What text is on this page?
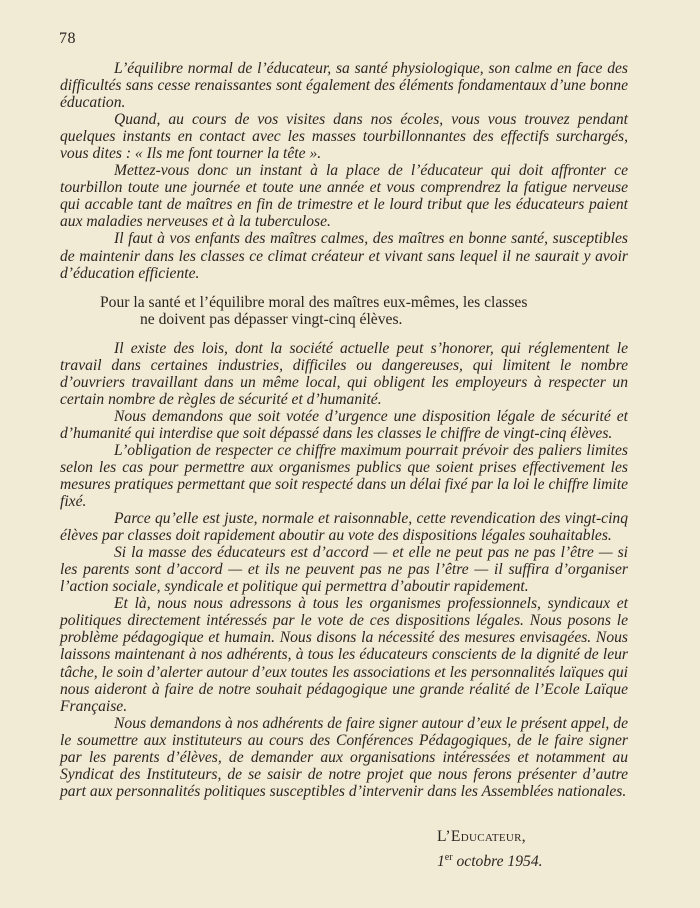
78

L’équilibre normal de l’éducateur, sa santé physiologique, son calme en face des difficultés sans cesse renaissantes sont également des éléments fondamentaux d’une bonne éducation.

Quand, au cours de vos visites dans nos écoles, vous vous trouvez pendant quelques instants en contact avec les masses tourbillonnantes des effectifs surchargés, vous dites : « Ils me font tourner la tête ».

Mettez-vous donc un instant à la place de l’éducateur qui doit affronter ce tourbillon toute une journée et toute une année et vous comprendrez la fatigue nerveuse qui accable tant de maîtres en fin de trimestre et le lourd tribut que les éducateurs paient aux maladies nerveuses et à la tuberculose.

Il faut à vos enfants des maîtres calmes, des maîtres en bonne santé, susceptibles de maintenir dans les classes ce climat créateur et vivant sans lequel il ne saurait y avoir d’éducation efficiente.

Pour la santé et l’équilibre moral des maîtres eux-mêmes, les classes
ne doivent pas dépasser vingt-cinq élèves.

Il existe des lois, dont la société actuelle peut s’honorer, qui réglementent le travail dans certaines industries, difficiles ou dangereuses, qui limitent le nombre d’ouvriers travaillant dans un même local, qui obligent les employeurs à respecter un certain nombre de règles de sécurité et d’humanité.

Nous demandons que soit votée d’urgence une disposition légale de sécurité et d’humanité qui interdise que soit dépassé dans les classes le chiffre de vingt-cinq élèves.

L’obligation de respecter ce chiffre maximum pourrait prévoir des paliers limites selon les cas pour permettre aux organismes publics que soient prises effectivement les mesures pratiques permettant que soit respecté dans un délai fixé par la loi le chiffre limite fixé.

Parce qu’elle est juste, normale et raisonnable, cette revendication des vingt-cinq élèves par classes doit rapidement aboutir au vote des dispositions légales souhaitables.

Si la masse des éducateurs est d’accord — et elle ne peut pas ne pas l’être — si les parents sont d’accord — et ils ne peuvent pas ne pas l’être — il suffira d’organiser l’action sociale, syndicale et politique qui permettra d’aboutir rapidement.

Et là, nous nous adressons à tous les organismes professionnels, syndicaux et politiques directement intéressés par le vote de ces dispositions légales. Nous posons le problème pédagogique et humain. Nous disons la nécessité des mesures envisagées. Nous laissons maintenant à nos adhérents, à tous les éducateurs conscients de la dignité de leur tâche, le soin d’alerter autour d’eux toutes les associations et les personnalités laïques qui nous aideront à faire de notre souhait pédagogique une grande réalité de l’Ecole Laïque Française.

Nous demandons à nos adhérents de faire signer autour d’eux le présent appel, de le soumettre aux instituteurs au cours des Conférences Pédagogiques, de le faire signer par les parents d’élèves, de demander aux organisations intéressées et notamment au Syndicat des Instituteurs, de se saisir de notre projet que nous ferons présenter d’autre part aux personnalités politiques susceptibles d’intervenir dans les Assemblées nationales.

L’Educateur,
1er octobre 1954.
